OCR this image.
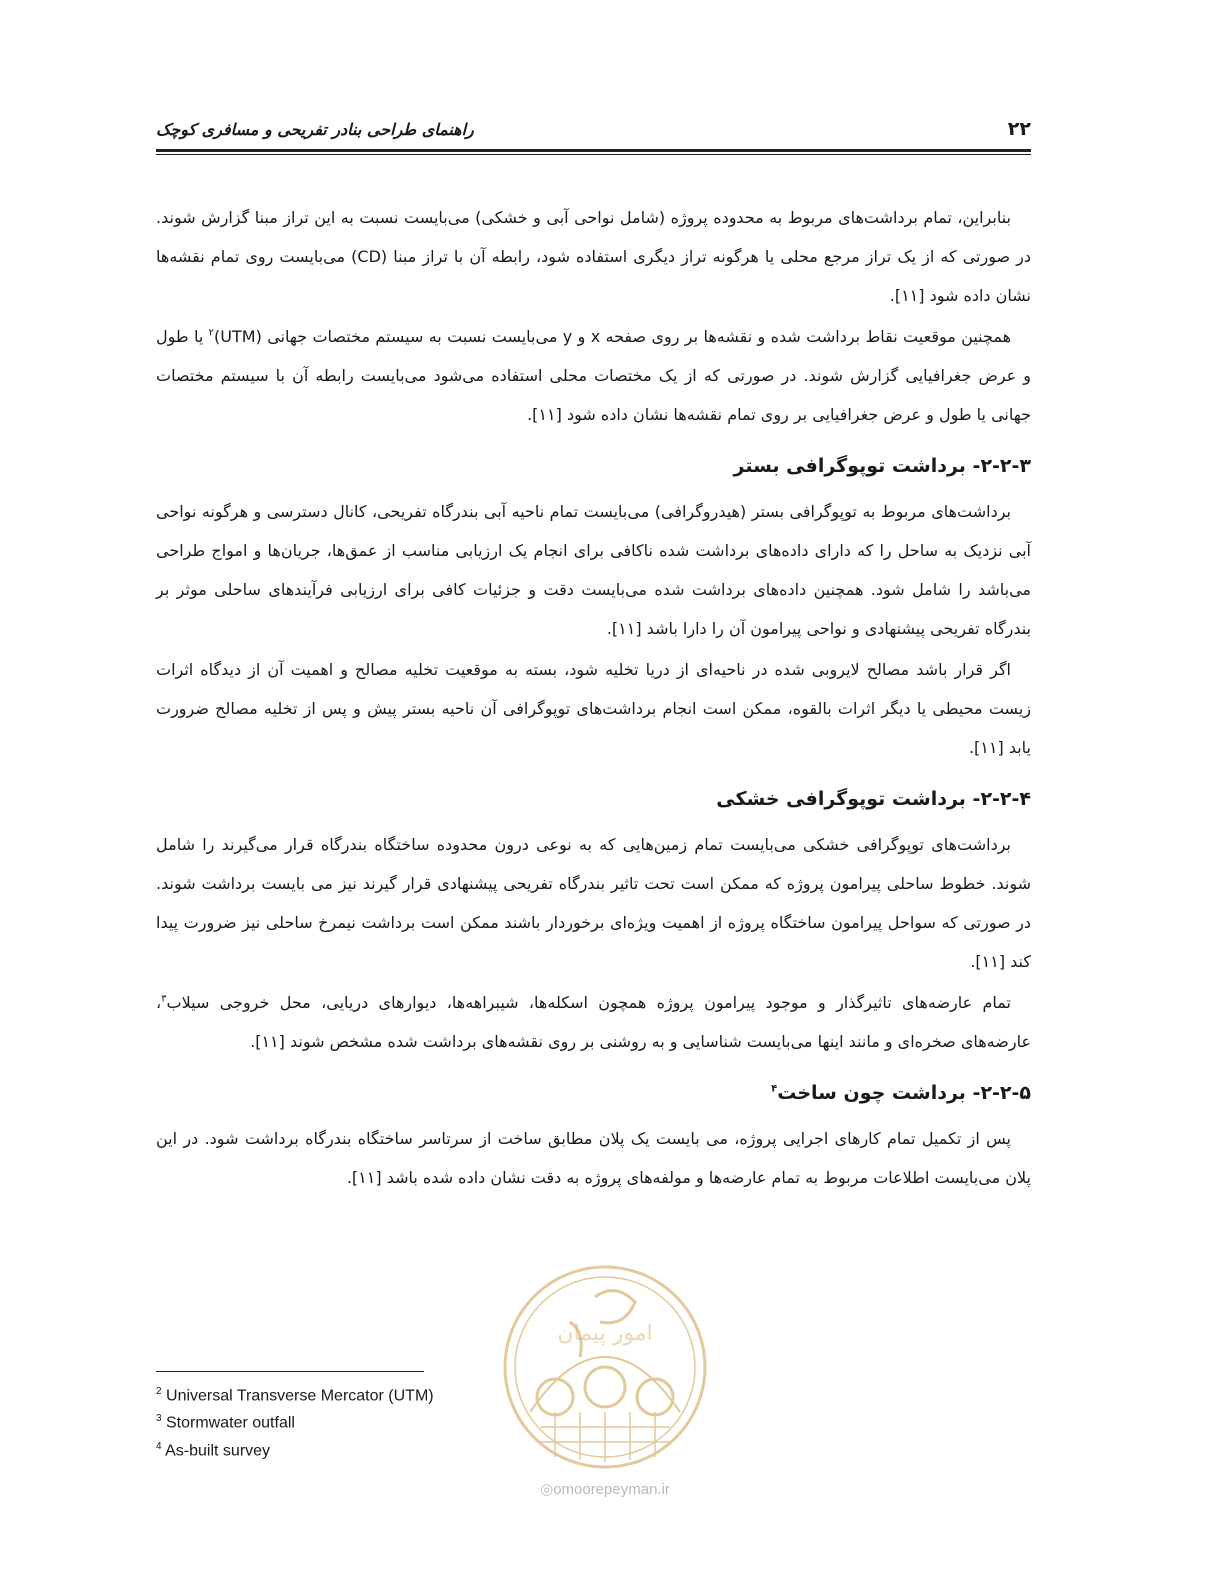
۲۲
راهنمای طراحی بنادر تفریحی و مسافری کوچک

بنابراین، تمام برداشت‌های مربوط به محدوده پروژه (شامل نواحی آبی و خشکی) می‌بایست نسبت به این تراز مبنا گزارش شوند. در صورتی که از یک تراز مرجع محلی یا هرگونه تراز دیگری استفاده شود، رابطه آن با تراز مبنا (CD) می‌بایست روی تمام نقشه‌ها نشان داده شود [۱۱].

همچنین موقعیت نقاط برداشت شده و نقشه‌ها بر روی صفحه x و y می‌بایست نسبت به سیستم مختصات جهانی (UTM)$^۲$ یا طول و عرض جغرافیایی گزارش شوند. در صورتی که از یک مختصات محلی استفاده می‌شود می‌بایست رابطه آن با سیستم مختصات جهانی یا طول و عرض جغرافیایی بر روی تمام نقشه‌ها نشان داده شود [۱۱].

۲-۲-۳- برداشت توپوگرافی بستر

برداشت‌های مربوط به توپوگرافی بستر (هیدروگرافی) می‌بایست تمام ناحیه آبی بندرگاه تفریحی، کانال دسترسی و هرگونه نواحی آبی نزدیک به ساحل را که دارای داده‌های برداشت شده ناکافی برای انجام یک ارزیابی مناسب از عمق‌ها، جریان‌ها و امواج طراحی می‌باشد را شامل شود. همچنین داده‌های برداشت شده می‌بایست دقت و جزئیات کافی برای ارزیابی فرآیندهای ساحلی موثر بر بندرگاه تفریحی پیشنهادی و نواحی پیرامون آن را دارا باشد [۱۱].

اگر قرار باشد مصالح لایروبی شده در ناحیه‌ای از دریا تخلیه شود، بسته به موقعیت تخلیه مصالح و اهمیت آن از دیدگاه اثرات زیست محیطی یا دیگر اثرات بالقوه، ممکن است انجام برداشت‌های توپوگرافی آن ناحیه بستر پیش و پس از تخلیه مصالح ضرورت یابد [۱۱].

۲-۲-۴- برداشت توپوگرافی خشکی

برداشت‌های توپوگرافی خشکی می‌بایست تمام زمین‌هایی که به نوعی درون محدوده ساختگاه بندرگاه قرار می‌گیرند را شامل شوند. خطوط ساحلی پیرامون پروژه که ممکن است تحت تاثیر بندرگاه تفریحی پیشنهادی قرار گیرند نیز می بایست برداشت شوند. در صورتی که سواحل پیرامون ساختگاه پروژه از اهمیت ویژه‌ای برخوردار باشند ممکن است برداشت نیمرخ ساحلی نیز ضرورت پیدا کند [۱۱].

تمام عارضه‌های تاثیرگذار و موجود پیرامون پروژه همچون اسکله‌ها، شیبراهه‌ها، دیوارهای دریایی، محل خروجی سیلاب$^۳$، عارضه‌های صخره‌ای و مانند اینها می‌بایست شناسایی و به روشنی بر روی نقشه‌های برداشت شده مشخص شوند [۱۱].

۲-۲-۵- برداشت چون ساخت$^۴$

پس از تکمیل تمام کارهای اجرایی پروژه، می بایست یک پلان مطابق ساخت از سرتاسر ساختگاه بندرگاه برداشت شود. در این پلان می‌بایست اطلاعات مربوط به تمام عارضه‌ها و مولفه‌های پروژه به دقت نشان داده شده باشد [۱۱].

$^2$ Universal Transverse Mercator (UTM)
$^3$ Stormwater outfall
$^4$ As-built survey
امور پیمان
◎omoorepeyman.ir
